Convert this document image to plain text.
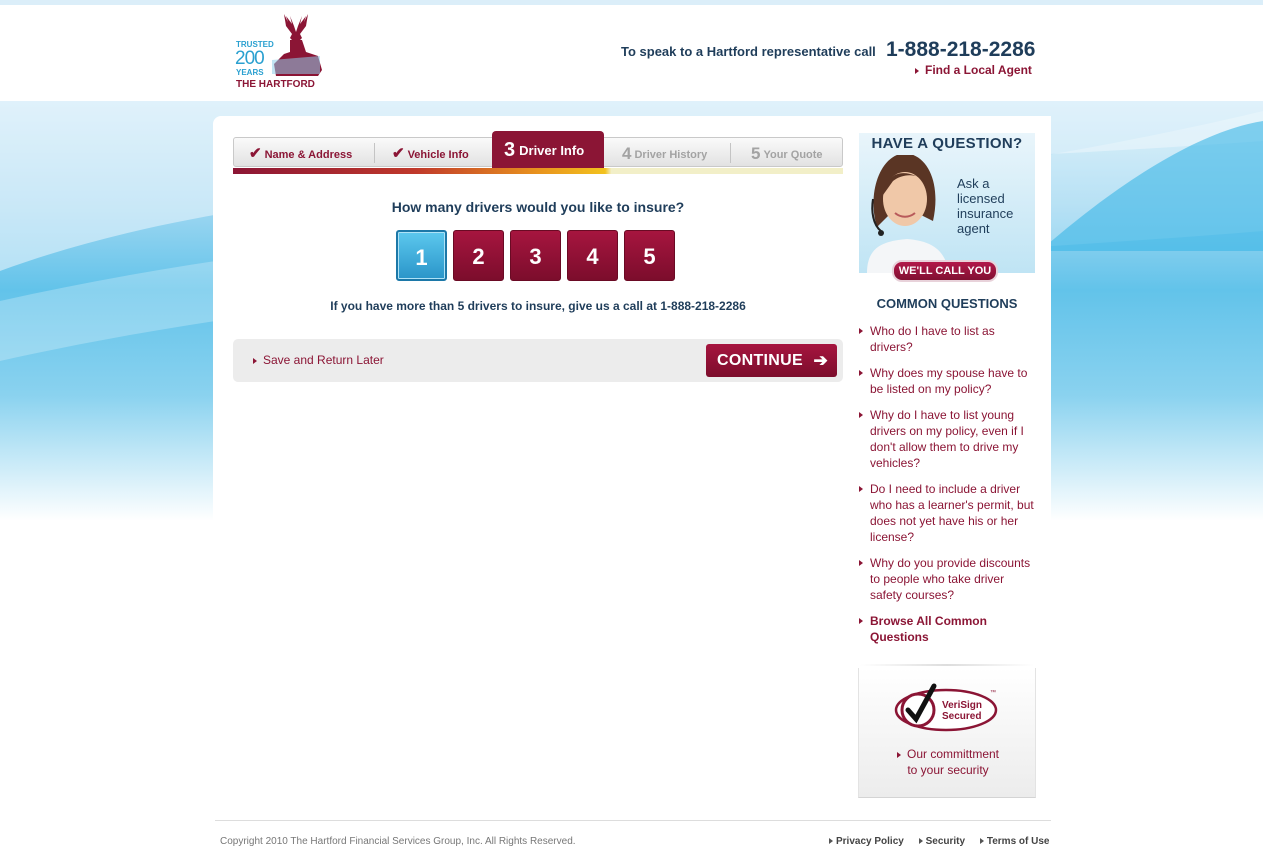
TRUSTED
200
YEARS
THE HARTFORD
To speak to a Hartford representative call 1-888-218-2286
Find a Local Agent
✔ Name & Address	✔ Vehicle Info	4 Driver History	5 Your Quote
3 Driver Info
How many drivers would you like to insure?
1	2	3	4	5
If you have more than 5 drivers to insure, give us a call at 1-888-218-2286
Save and Return Later	CONTINUE ➔
HAVE A QUESTION?
Ask a
licensed
insurance
agent
WE'LL CALL YOU
COMMON QUESTIONS
Who do I have to list as drivers?
Why does my spouse have to be listed on my policy?
Why do I have to list young drivers on my policy, even if I don't allow them to drive my vehicles?
Do I need to include a driver who has a learner's permit, but does not yet have his or her license?
Why do you provide discounts to people who take driver safety courses?
Browse All Common Questions
VeriSign
Secured
™
Our committment
to your security
Copyright 2010 The Hartford Financial Services Group, Inc. All Rights Reserved.	Privacy Policy Security Terms of Use
